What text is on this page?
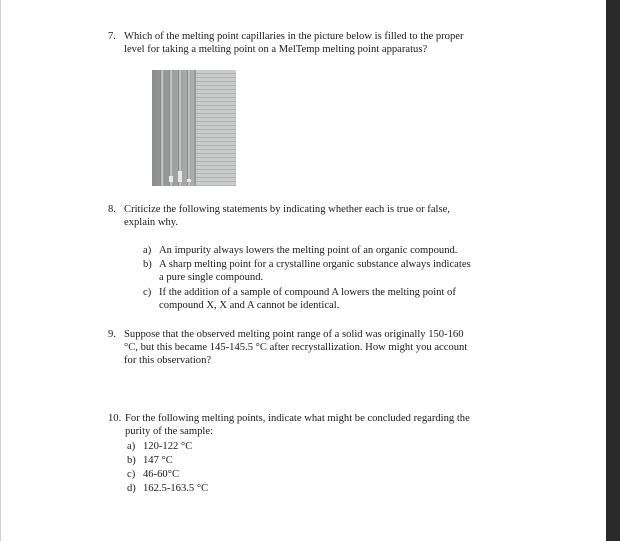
7. Which of the melting point capillaries in the picture below is filled to the proper
level for taking a melting point on a MelTemp melting point apparatus?
8. Criticize the following statements by indicating whether each is true or false,
explain why.
a) An impurity always lowers the melting point of an organic compound.
b) A sharp melting point for a crystalline organic substance always indicates
a pure single compound.
c) If the addition of a sample of compound A lowers the melting point of
compound X, X and A cannot be identical.
9. Suppose that the observed melting point range of a solid was originally 150-160
°C, but this became 145-145.5 °C after recrystallization. How might you account
for this observation?
10. For the following melting points, indicate what might be concluded regarding the
purity of the sample:
a) 120-122 °C
b) 147 °C
c) 46-60°C
d) 162.5-163.5 °C
